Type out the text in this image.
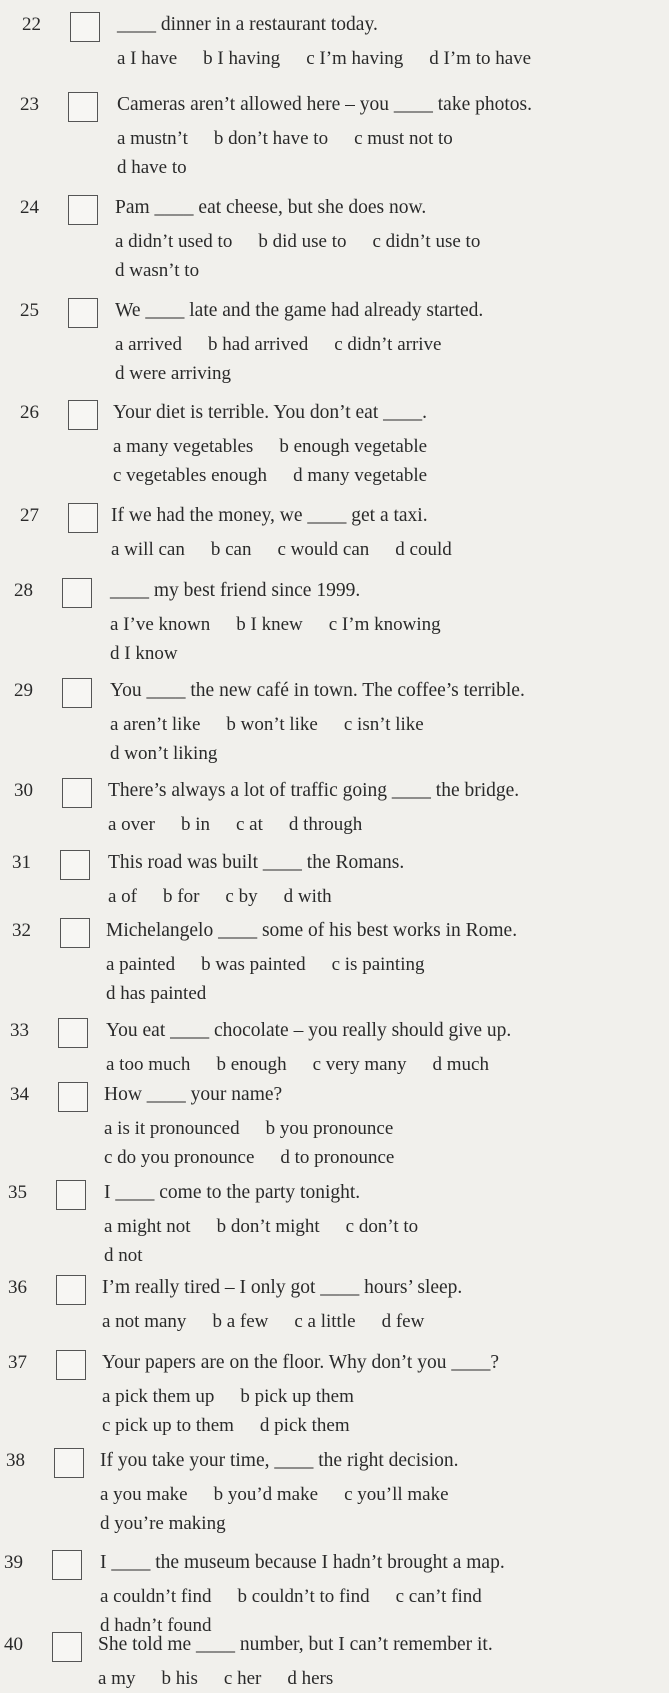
22	____ dinner in a restaurant today.
a I have b I having c I’m having d I’m to have
23	Cameras aren’t allowed here – you ____ take photos.
a mustn’t b don’t have to c must not to
d have to
24	Pam ____ eat cheese, but she does now.
a didn’t used to b did use to c didn’t use to
d wasn’t to
25	We ____ late and the game had already started.
a arrived b had arrived c didn’t arrive
d were arriving
26	Your diet is terrible. You don’t eat ____.
a many vegetables b enough vegetable
c vegetables enough d many vegetable
27	If we had the money, we ____ get a taxi.
a will can b can c would can d could
28	____ my best friend since 1999.
a I’ve known b I knew c I’m knowing
d I know
29	You ____ the new café in town. The coffee’s terrible.
a aren’t like b won’t like c isn’t like
d won’t liking
30	There’s always a lot of traffic going ____ the bridge.
a over b in c at d through
31	This road was built ____ the Romans.
a of b for c by d with
32	Michelangelo ____ some of his best works in Rome.
a painted b was painted c is painting
d has painted
33	You eat ____ chocolate – you really should give up.
a too much b enough c very many d much
34	How ____ your name?
a is it pronounced b you pronounce
c do you pronounce d to pronounce
35	I ____ come to the party tonight.
a might not b don’t might c don’t to
d not
36	I’m really tired – I only got ____ hours’ sleep.
a not many b a few c a little d few
37	Your papers are on the floor. Why don’t you ____?
a pick them up b pick up them
c pick up to them d pick them
38	If you take your time, ____ the right decision.
a you make b you’d make c you’ll make
d you’re making
39	I ____ the museum because I hadn’t brought a map.
a couldn’t find b couldn’t to find c can’t find
d hadn’t found
40	She told me ____ number, but I can’t remember it.
a my b his c her d hers
